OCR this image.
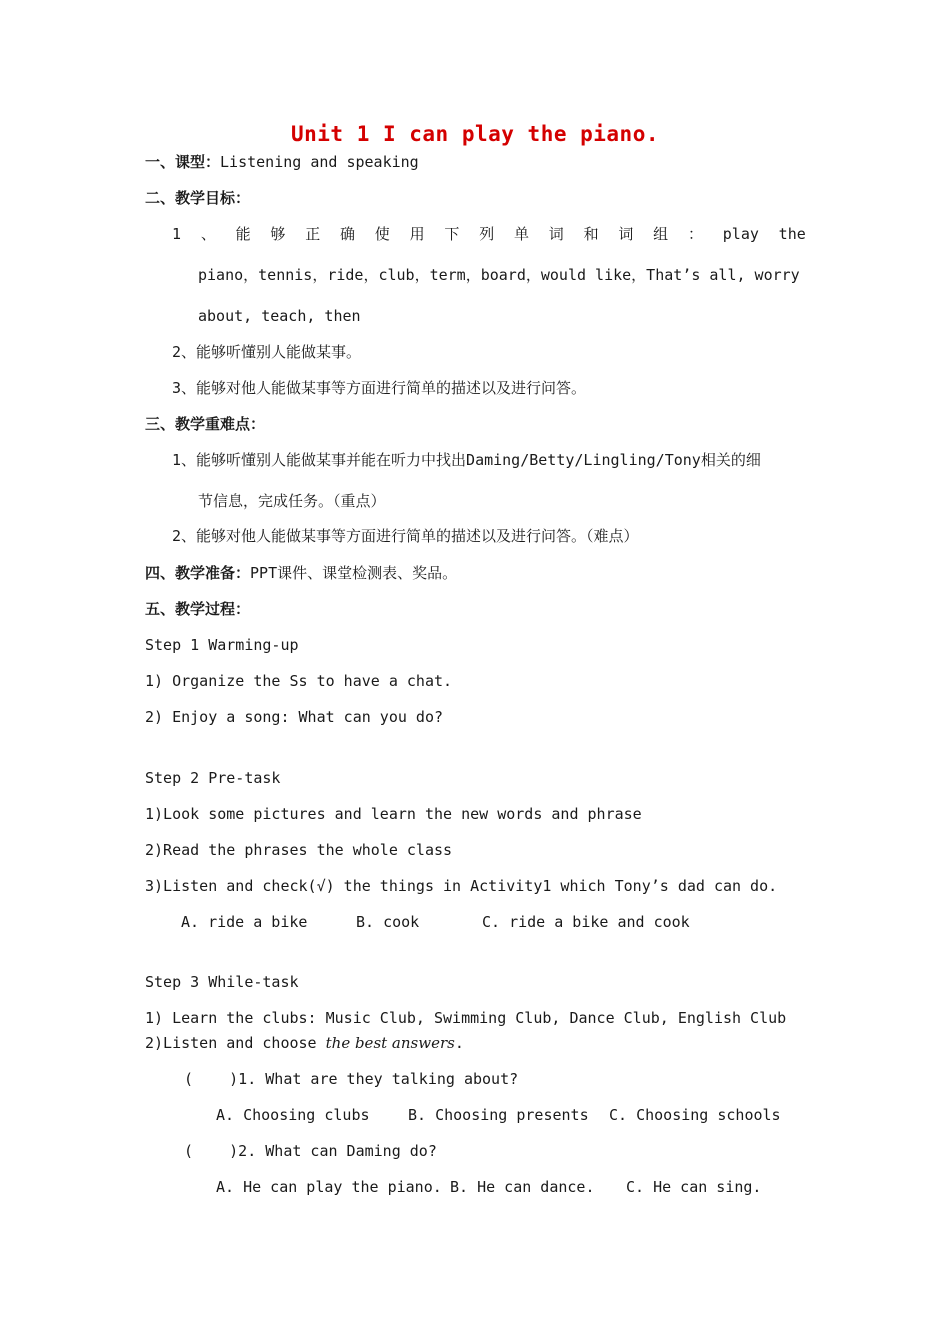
Unit 1 I can play the piano.
一、课型：Listening and speaking
二、教学目标：
1 、 能 够 正 确 使 用 下 列 单 词 和 词 组 ： play the
piano，tennis，ride，club，term，board，would like，That’s all, worry
about, teach, then
2、能够听懂别人能做某事。
3、能够对他人能做某事等方面进行简单的描述以及进行问答。
三、教学重难点：
1、能够听懂别人能做某事并能在听力中找出Daming/Betty/Lingling/Tony相关的细
节信息，完成任务。（重点）
2、能够对他人能做某事等方面进行简单的描述以及进行问答。（难点）
四、教学准备：PPT课件、课堂检测表、奖品。
五、教学过程：
Step 1 Warming-up
1) Organize the Ss to have a chat.
2) Enjoy a song: What can you do?
Step 2 Pre-task
1)Look some pictures and learn the new words and phrase
2)Read the phrases the whole class
3)Listen and check(√) the things in Activity1 which Tony’s dad can do.
A. ride a bike	B. cook	C. ride a bike and cook
Step 3 While-task
1) Learn the clubs: Music Club, Swimming Club, Dance Club, English Club
2)Listen and choose the best answers.
(    )1. What are they talking about?
A. Choosing clubs	B. Choosing presents C. Choosing schools
(    )2. What can Daming do?
A. He can play the piano. B. He can dance. C. He can sing.
